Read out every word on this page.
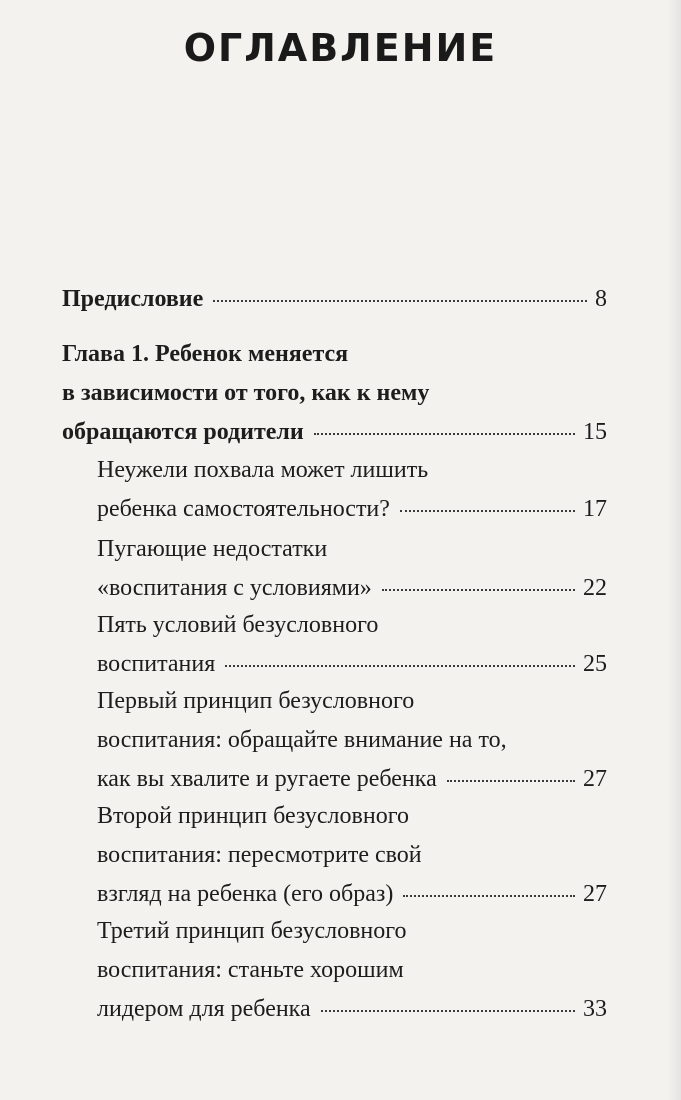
ОГЛАВЛЕНИЕ
Предисловие	8
Глава 1. Ребенок меняется
в зависимости от того, как к нему
обращаются родители	15
Неужели похвала может лишить
ребенка самостоятельности?	17
Пугающие недостатки
«воспитания с условиями»	22
Пять условий безусловного
воспитания	25
Первый принцип безусловного
воспитания: обращайте внимание на то,
как вы хвалите и ругаете ребенка	27
Второй принцип безусловного
воспитания: пересмотрите свой
взгляд на ребенка (его образ)	27
Третий принцип безусловного
воспитания: станьте хорошим
лидером для ребенка	33
